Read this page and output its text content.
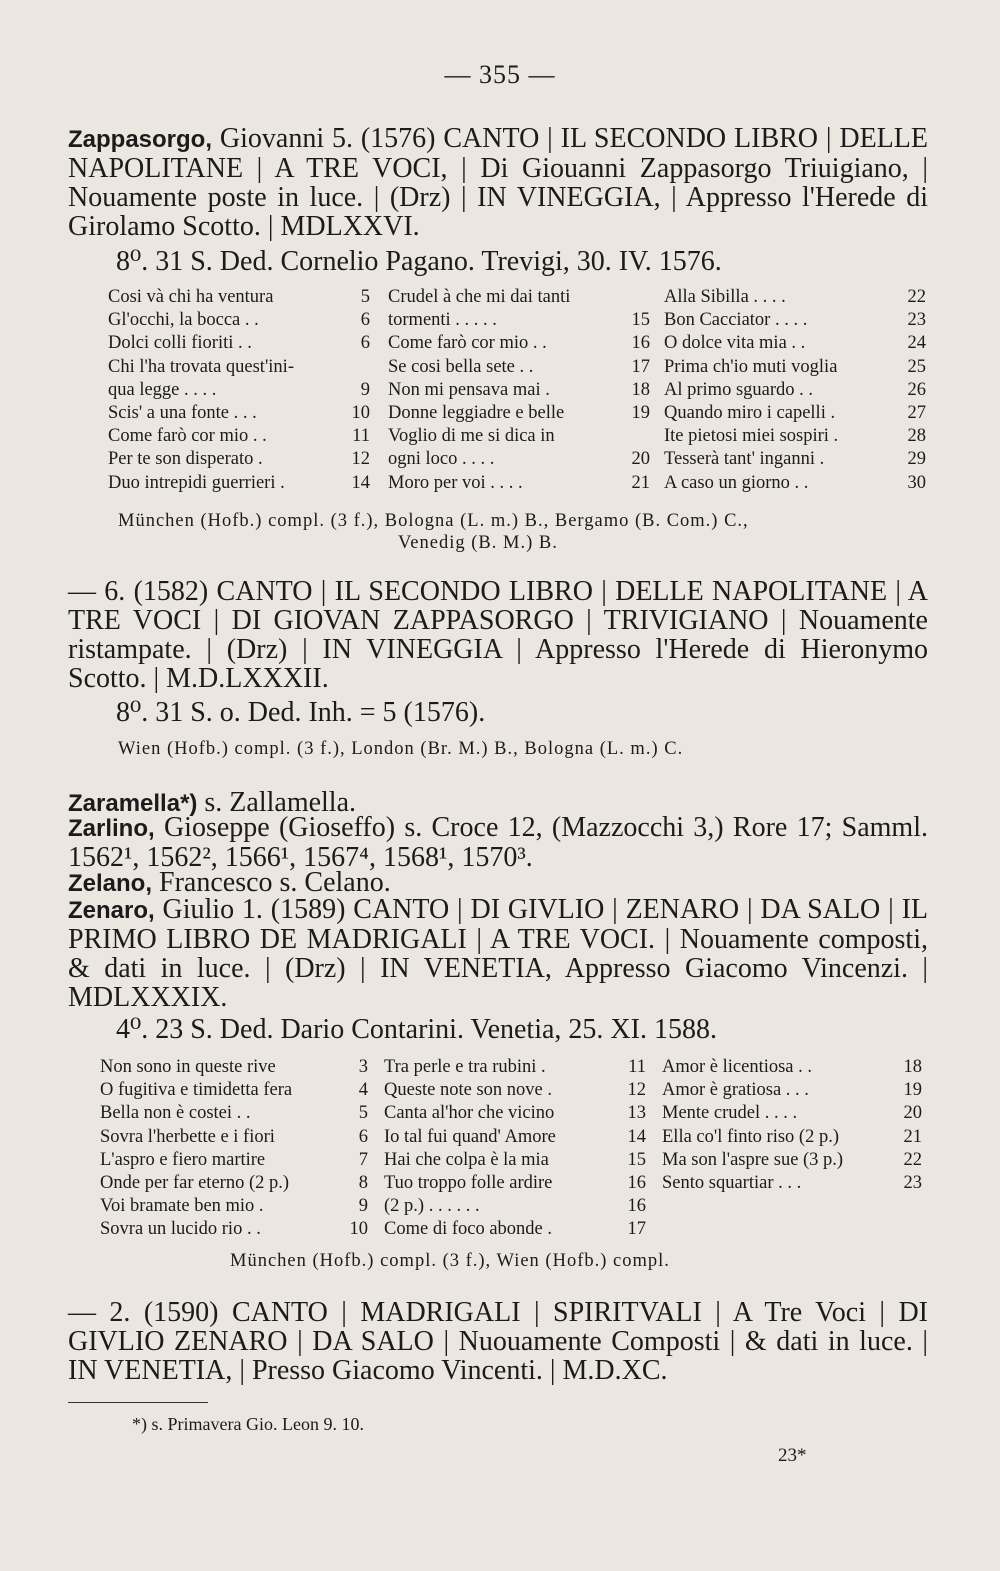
— 355 —
Zappasorgo, Giovanni 5. (1576) CANTO | IL SECONDO LIBRO | DELLE NAPOLITANE | A TRE VOCI, | Di Giouanni Zappasorgo Triuigiano, | Nouamente poste in luce. | (Drz) | IN VINEGGIA, | Appresso l'Herede di Girolamo Scotto. | MDLXXVI.
8⁰. 31 S. Ded. Cornelio Pagano. Trevigi, 30. IV. 1576.
Cosi và chi ha ventura	5
Gl'occhi, la bocca . .	6
Dolci colli fioriti . .	6
Chi l'ha trovata quest'ini-
qua legge . . . .	9
Scis' a una fonte . . .	10
Come farò cor mio . .	11
Per te son disperato .	12
Duo intrepidi guerrieri .	14
Crudel à che mi dai tanti
tormenti . . . . .	15
Come farò cor mio . .	16
Se cosi bella sete . .	17
Non mi pensava mai .	18
Donne leggiadre e belle	19
Voglio di me si dica in
ogni loco . . . .	20
Moro per voi . . . .	21
Alla Sibilla . . . .	22
Bon Cacciator . . . .	23
O dolce vita mia . .	24
Prima ch'io muti voglia	25
Al primo sguardo . .	26
Quando miro i capelli .	27
Ite pietosi miei sospiri .	28
Tesserà tant' inganni .	29
A caso un giorno . .	30
München (Hofb.) compl. (3 f.), Bologna (L. m.) B., Bergamo (B. Com.) C.,
Venedig (B. M.) B.
— 6. (1582) CANTO | IL SECONDO LIBRO | DELLE NAPOLITANE | A TRE VOCI | DI GIOVAN ZAPPASORGO | TRIVIGIANO | Nouamente ristampate. | (Drz) | IN VINEGGIA | Appresso l'Herede di Hieronymo Scotto. | M.D.LXXXII.
8⁰. 31 S. o. Ded. Inh. = 5 (1576).
Wien (Hofb.) compl. (3 f.), London (Br. M.) B., Bologna (L. m.) C.
Zaramella*) s. Zallamella.
Zarlino, Gioseppe (Gioseffo) s. Croce 12, (Mazzocchi 3,) Rore 17; Samml. 1562¹, 1562², 1566¹, 1567⁴, 1568¹, 1570³.
Zelano, Francesco s. Celano.
Zenaro, Giulio 1. (1589) CANTO | DI GIVLIO | ZENARO | DA SALO | IL PRIMO LIBRO DE MADRIGALI | A TRE VOCI. | Nouamente composti, & dati in luce. | (Drz) | IN VENETIA, Appresso Giacomo Vincenzi. | MDLXXXIX.
4⁰. 23 S. Ded. Dario Contarini. Venetia, 25. XI. 1588.
Non sono in queste rive	3
O fugitiva e timidetta fera	4
Bella non è costei . .	5
Sovra l'herbette e i fiori	6
L'aspro e fiero martire	7
Onde per far eterno (2 p.)	8
Voi bramate ben mio .	9
Sovra un lucido rio . .	10
Tra perle e tra rubini .	11
Queste note son nove .	12
Canta al'hor che vicino	13
Io tal fui quand' Amore	14
Hai che colpa è la mia	15
Tuo troppo folle ardire	16
(2 p.) . . . . . .	16
Come di foco abonde .	17
Amor è licentiosa . .	18
Amor è gratiosa . . .	19
Mente crudel . . . .	20
Ella co'l finto riso (2 p.)	21
Ma son l'aspre sue (3 p.)	22
Sento squartiar . . .	23
München (Hofb.) compl. (3 f.), Wien (Hofb.) compl.
— 2. (1590) CANTO | MADRIGALI | SPIRITVALI | A Tre Voci | DI GIVLIO ZENARO | DA SALO | Nuouamente Composti | & dati in luce. | IN VENETIA, | Presso Giacomo Vincenti. | M.D.XC.
*) s. Primavera Gio. Leon 9. 10.
23*
